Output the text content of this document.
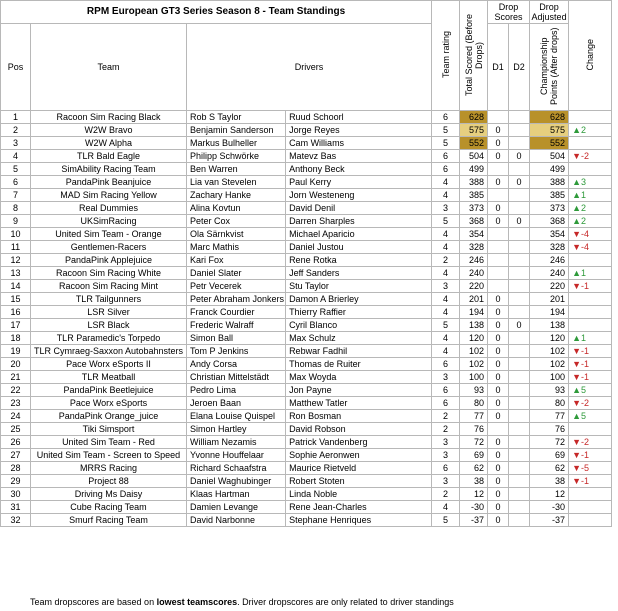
RPM European GT3 Series Season 8 - Team Standings				Team rating	Total Scored (Before Drops)	Drop Scores		Drop Adjusted	Change
Pos	Team	Drivers				D1	D2	Championship Points (After drops)	
1	Racoon Sim Racing Black	Rob S Taylor	Ruud Schoorl	6	628			628	
2	W2W Bravo	Benjamin Sanderson	Jorge Reyes	5	575	0		575	▲2
3	W2W Alpha	Markus Bulheller	Cam Williams	5	552	0		552	
4	TLR Bald Eagle	Philipp Schwörke	Matevz Bas	6	504	0	0	504	▼-2
5	SimAbility Racing Team	Ben Warren	Anthony Beck	6	499			499	
6	PandaPink Beanjuice	Lia van Stevelen	Paul Kerry	4	388	0	0	388	▲3
7	MAD Sim Racing Yellow	Zachary Hanke	Jorn Westeneng	4	385			385	▲1
8	Real Dummies	Alina Kovtun	David Denil	3	373	0		373	▲2
9	UKSimRacing	Peter Cox	Darren Sharples	5	368	0	0	368	▲2
10	United Sim Team - Orange	Ola Särnkvist	Michael Aparicio	4	354			354	▼-4
11	Gentlemen-Racers	Marc Mathis	Daniel Justou	4	328			328	▼-4
12	PandaPink Applejuice	Kari Fox	Rene Rotka	2	246			246	
13	Racoon Sim Racing White	Daniel Slater	Jeff Sanders	4	240			240	▲1
14	Racoon Sim Racing Mint	Petr Vecerek	Stu Taylor	3	220			220	▼-1
15	TLR Tailgunners	Peter Abraham Jonkers	Damon A Brierley	4	201	0		201	
16	LSR Silver	Franck Courdier	Thierry Raffier	4	194	0		194	
17	LSR Black	Frederic Walraff	Cyril Blanco	5	138	0	0	138	
18	TLR Paramedic's Torpedo	Simon Ball	Max Schulz	4	120	0		120	▲1
19	TLR Cymraeg-Saxxon Autobahnsters	Tom P Jenkins	Rebwar Fadhil	4	102	0		102	▼-1
20	Pace Worx eSports II	Andy Corsa	Thomas de Ruiter	6	102	0		102	▼-1
21	TLR Meatball	Christian Mittelstädt	Max Woyda	3	100	0		100	▼-1
22	PandaPink Beetlejuice	Pedro Lima	Jon Payne	6	93	0		93	▲5
23	Pace Worx eSports	Jeroen Baan	Matthew Tatler	6	80	0		80	▼-2
24	PandaPink Orange_juice	Elana Louise Quispel	Ron Bosman	2	77	0		77	▲5
25	Tiki Simsport	Simon Hartley	David Robson	2	76			76	
26	United Sim Team - Red	William Nezamis	Patrick Vandenberg	3	72	0		72	▼-2
27	United Sim Team - Screen to Speed	Yvonne Houffelaar	Sophie Aeronwen	3	69	0		69	▼-1
28	MRRS Racing	Richard Schaafstra	Maurice Rietveld	6	62	0		62	▼-5
29	Project 88	Daniel Waghubinger	Robert Stoten	3	38	0		38	▼-1
30	Driving Ms Daisy	Klaas Hartman	Linda Noble	2	12	0		12	
31	Cube Racing Team	Damien Levange	Rene Jean-Charles	4	-30	0		-30	
32	Smurf Racing Team	David Narbonne	Stephane Henriques	5	-37	0		-37	
Team dropscores are based on lowest teamscores. Driver dropscores are only related to driver standings
